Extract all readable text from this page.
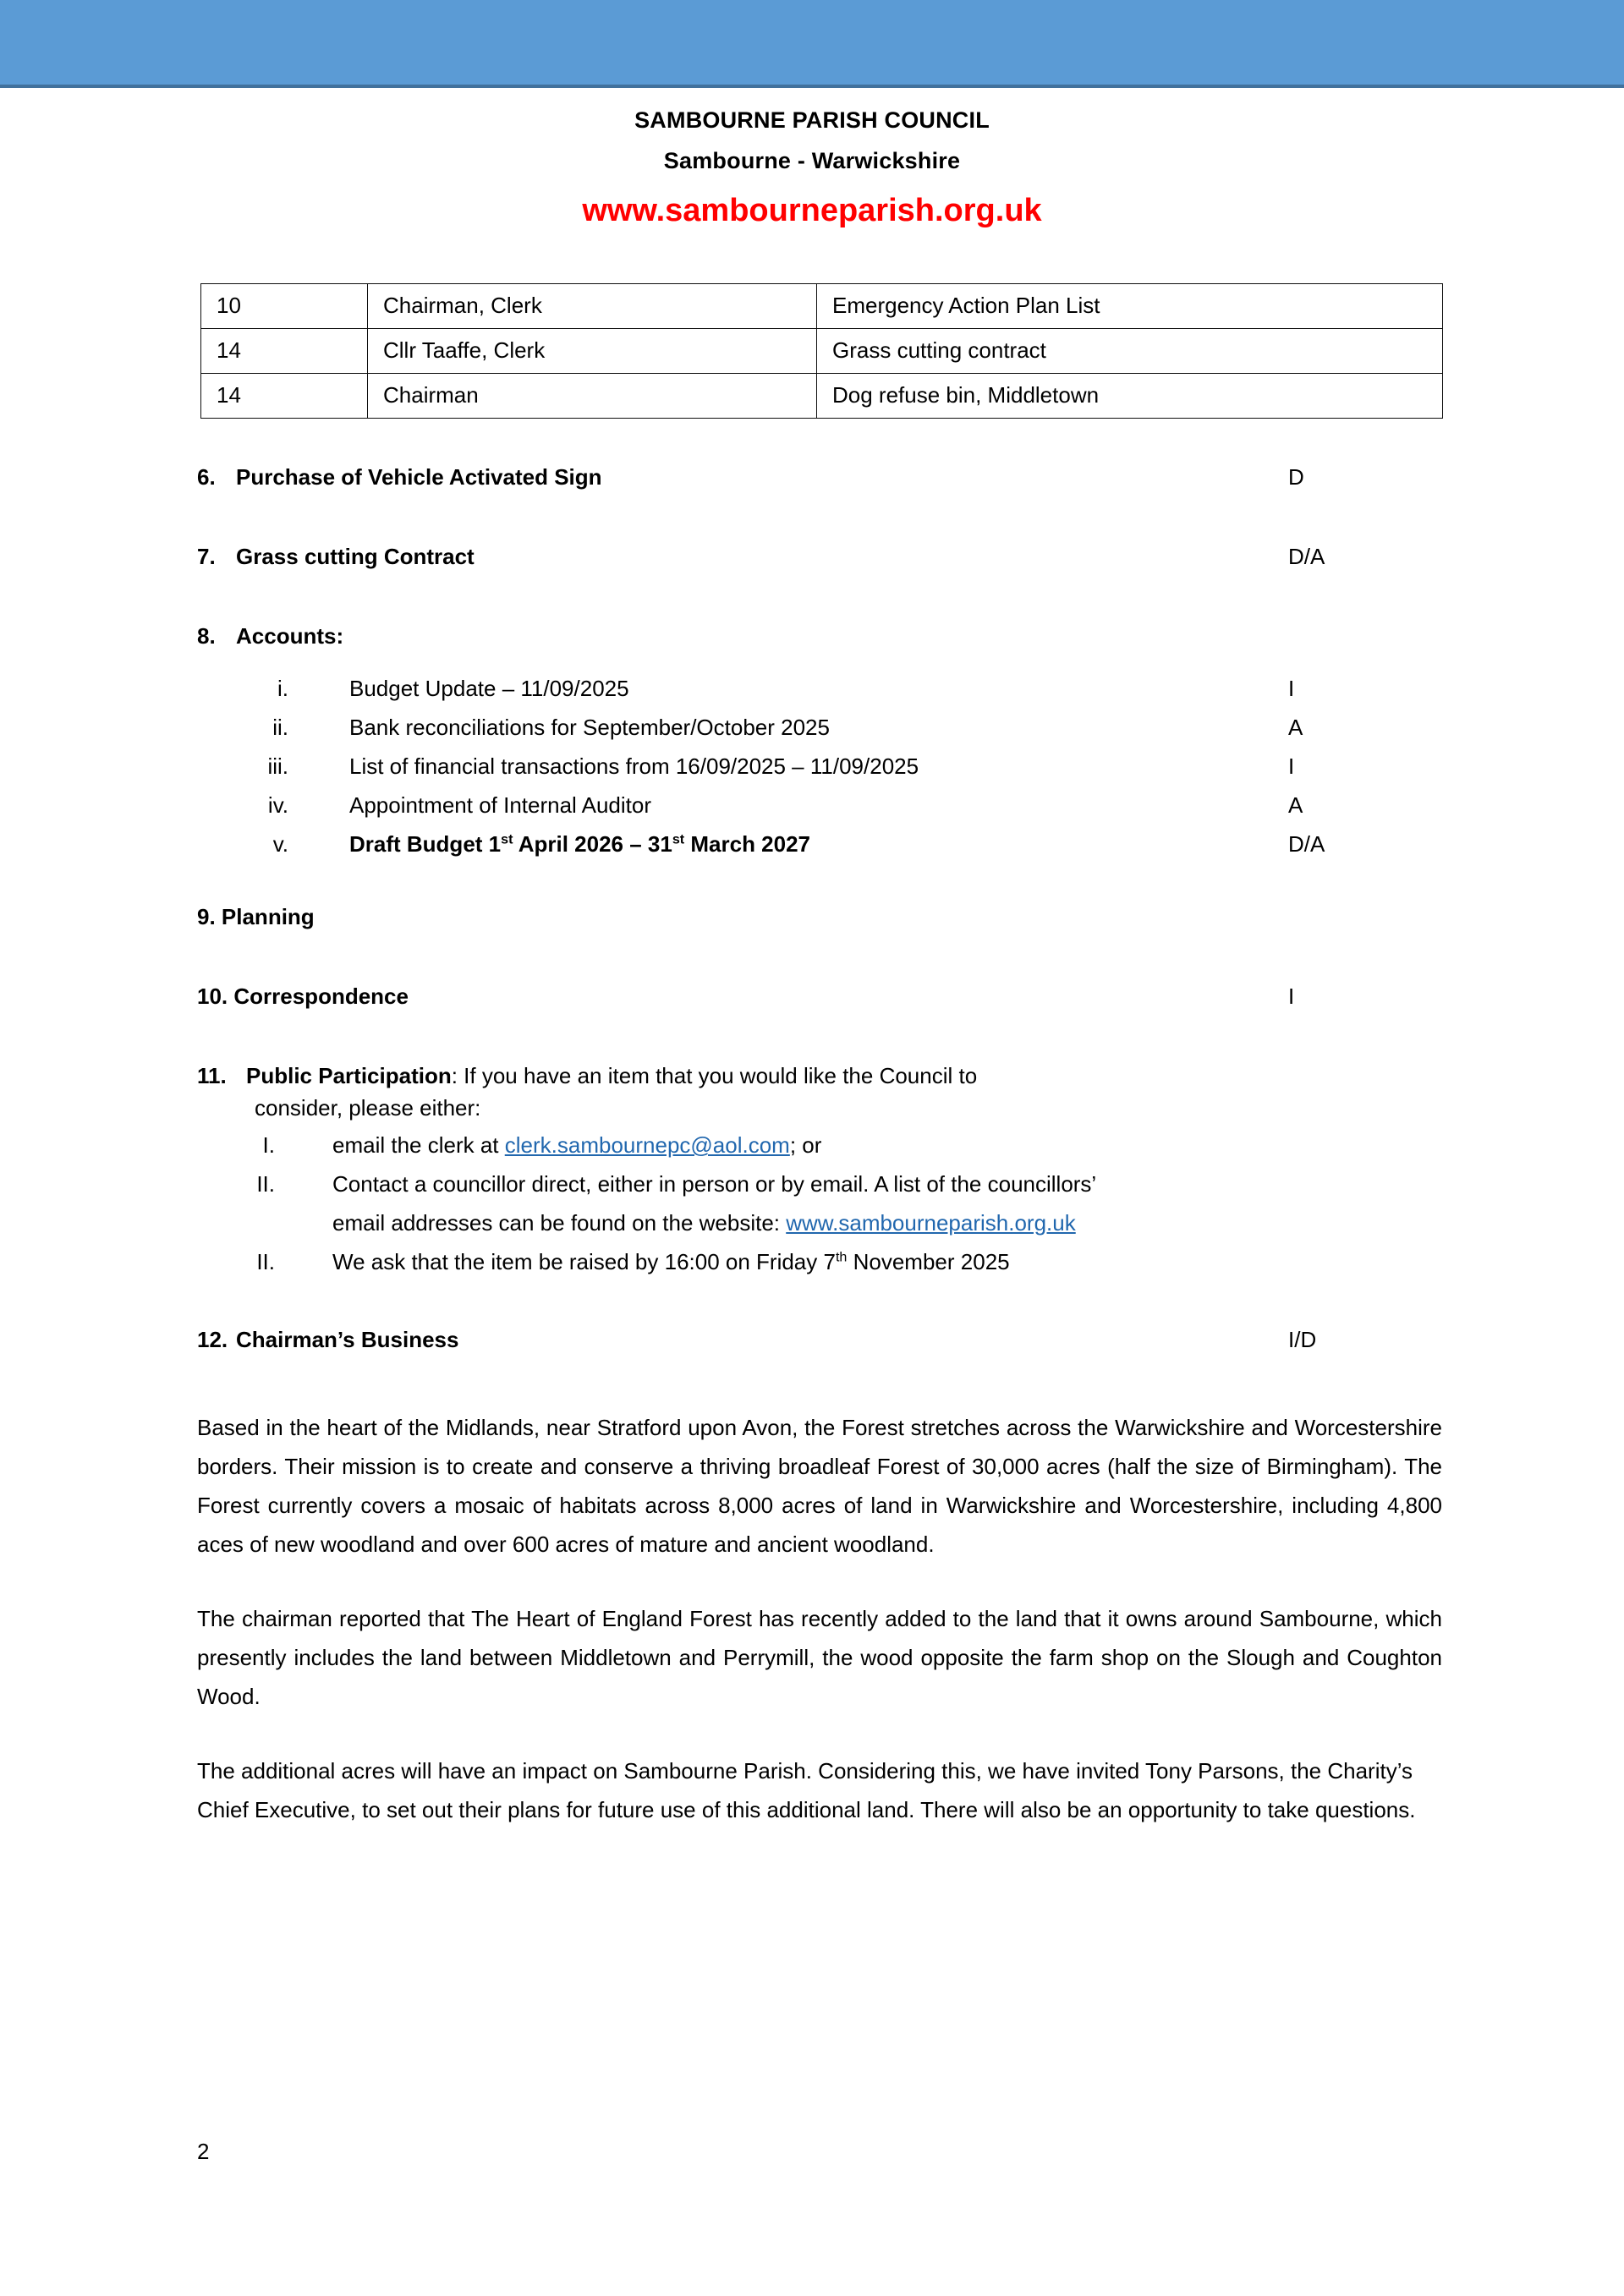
SAMBOURNE PARISH COUNCIL
Sambourne - Warwickshire
www.sambourneparish.org.uk
10	Chairman, Clerk	Emergency Action Plan List
14	Cllr Taaffe, Clerk	Grass cutting contract
14	Chairman	Dog refuse bin, Middletown
6. Purchase of Vehicle Activated Sign	D
7. Grass cutting Contract	D/A
8. Accounts:
i.	Budget Update – 11/09/2025	I
ii.	Bank reconciliations for September/October 2025	A
iii.	List of financial transactions from 16/09/2025 – 11/09/2025	I
iv.	Appointment of Internal Auditor	A
v.	Draft Budget 1st April 2026 – 31st March 2027	D/A
9. Planning
10. Correspondence	I
11. Public Participation: If you have an item that you would like the Council to
consider, please either:
I.	email the clerk at clerk.sambournepc@aol.com; or
II.	Contact a councillor direct, either in person or by email. A list of the councillors’
email addresses can be found on the website: www.sambourneparish.org.uk
II.	We ask that the item be raised by 16:00 on Friday 7th November 2025
12. Chairman’s Business	I/D

Based in the heart of the Midlands, near Stratford upon Avon, the Forest stretches across the Warwickshire and Worcestershire borders. Their mission is to create and conserve a thriving broadleaf Forest of 30,000 acres (half the size of Birmingham). The Forest currently covers a mosaic of habitats across 8,000 acres of land in Warwickshire and Worcestershire, including 4,800 aces of new woodland and over 600 acres of mature and ancient woodland.

The chairman reported that The Heart of England Forest has recently added to the land that it owns around Sambourne, which presently includes the land between Middletown and Perrymill, the wood opposite the farm shop on the Slough and Coughton Wood.

The additional acres will have an impact on Sambourne Parish. Considering this, we have invited Tony Parsons, the Charity’s Chief Executive, to set out their plans for future use of this additional land. There will also be an opportunity to take questions.

2
